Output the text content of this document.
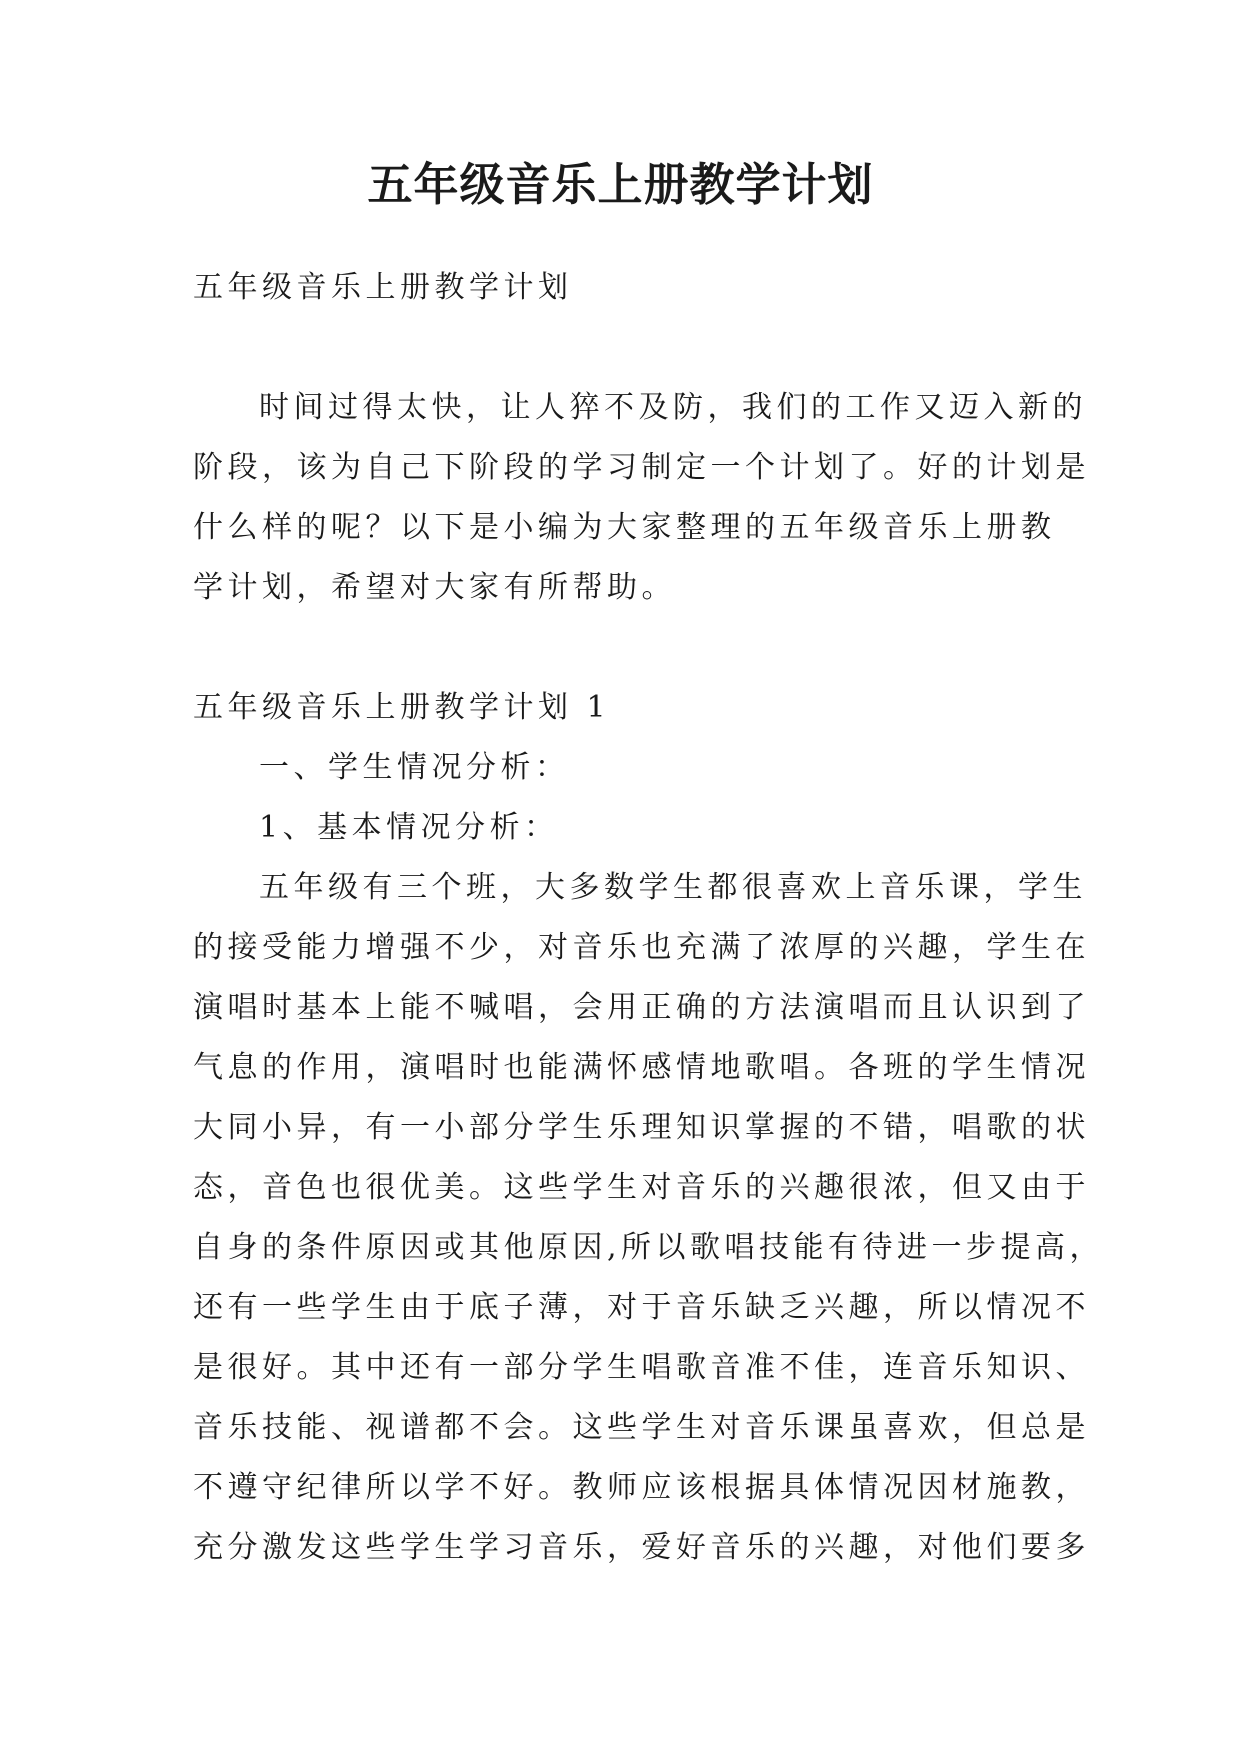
五年级音乐上册教学计划
五年级音乐上册教学计划
时间过得太快，让人猝不及防，我们的工作又迈入新的
阶段，该为自己下阶段的学习制定一个计划了。好的计划是
什么样的呢？以下是小编为大家整理的五年级音乐上册教
学计划，希望对大家有所帮助。
五年级音乐上册教学计划 1
一、学生情况分析：
1、基本情况分析：
五年级有三个班，大多数学生都很喜欢上音乐课，学生
的接受能力增强不少，对音乐也充满了浓厚的兴趣，学生在
演唱时基本上能不喊唱，会用正确的方法演唱而且认识到了
气息的作用，演唱时也能满怀感情地歌唱。各班的学生情况
大同小异，有一小部分学生乐理知识掌握的不错，唱歌的状
态，音色也很优美。这些学生对音乐的兴趣很浓，但又由于
自身的条件原因或其他原因,所以歌唱技能有待进一步提高，
还有一些学生由于底子薄，对于音乐缺乏兴趣，所以情况不
是很好。其中还有一部分学生唱歌音准不佳，连音乐知识、
音乐技能、视谱都不会。这些学生对音乐课虽喜欢，但总是
不遵守纪律所以学不好。教师应该根据具体情况因材施教，
充分激发这些学生学习音乐，爱好音乐的兴趣，对他们要多
